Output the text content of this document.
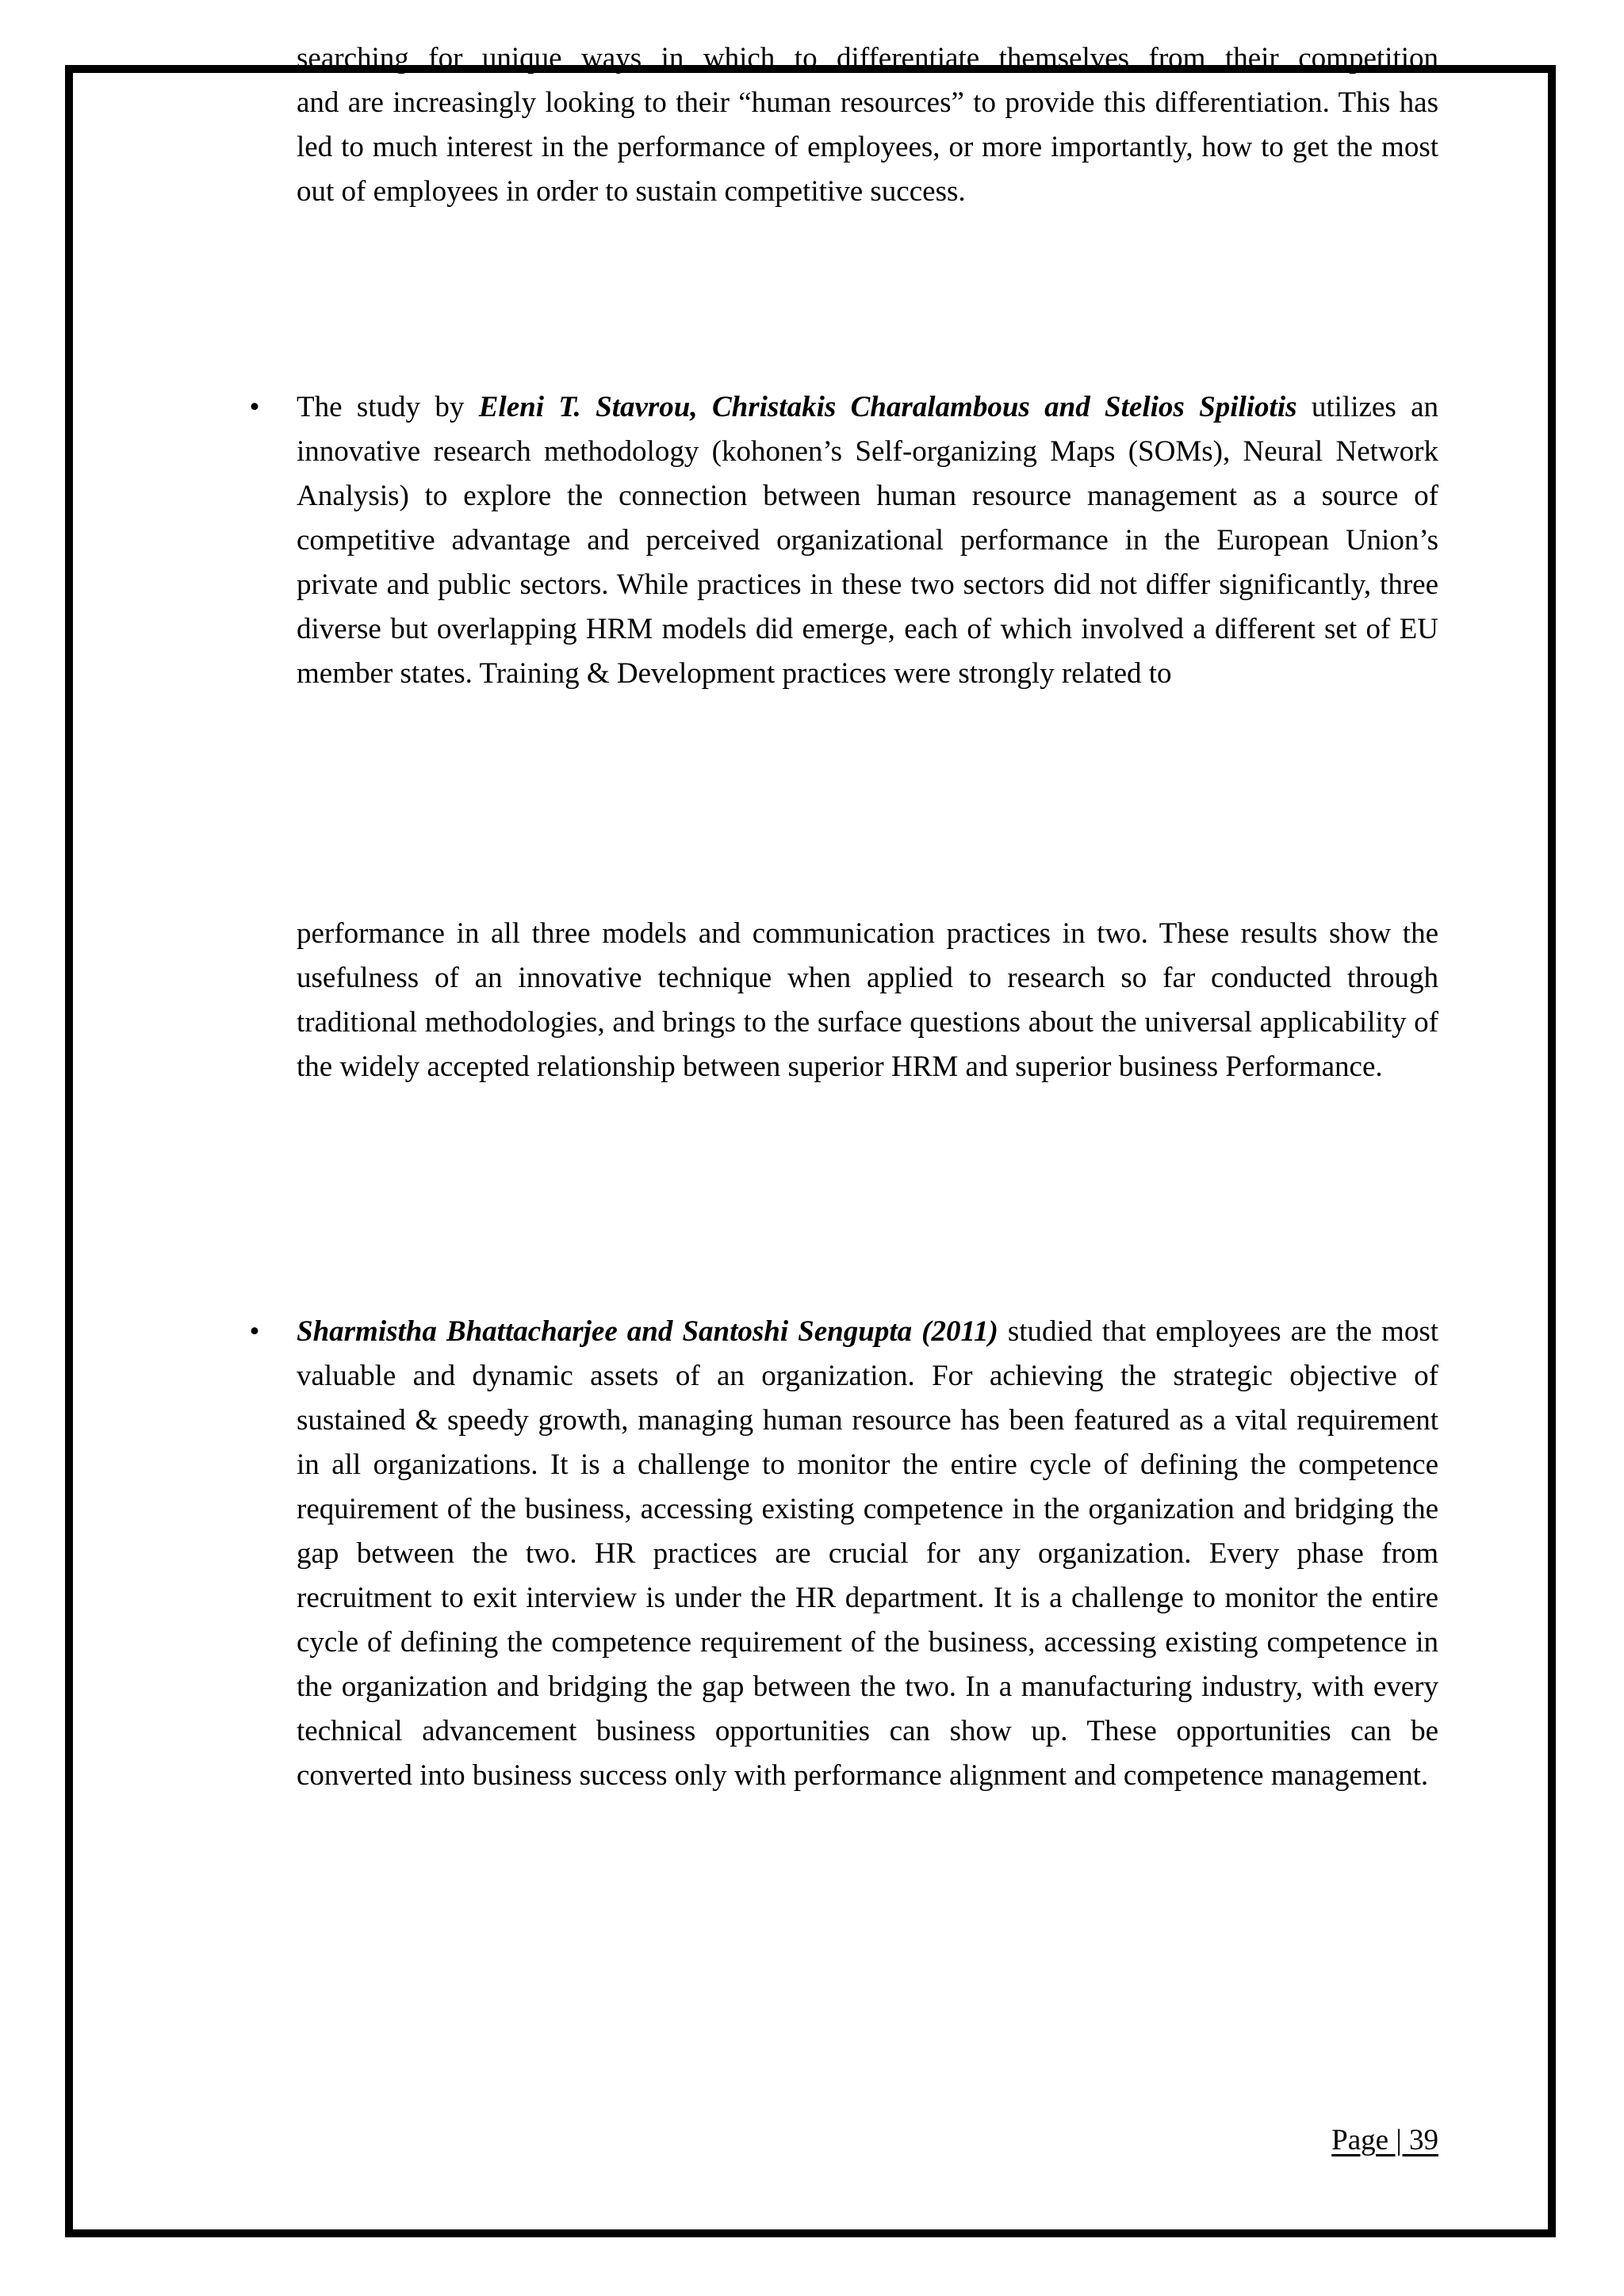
searching for unique ways in which to differentiate themselves from their competition
and are increasingly looking to their “human resources” to provide this differentiation. This has led to much interest in the performance of employees, or more importantly, how to get the most out of employees in order to sustain competitive success.
• The study by Eleni T. Stavrou, Christakis Charalambous and Stelios Spiliotis utilizes an innovative research methodology (kohonen’s Self-organizing Maps (SOMs), Neural Network Analysis) to explore the connection between human resource management as a source of competitive advantage and perceived organizational performance in the European Union’s private and public sectors. While practices in these two sectors did not differ significantly, three diverse but overlapping HRM models did emerge, each of which involved a different set of EU member states. Training & Development practices were strongly related to
performance in all three models and communication practices in two. These results show the usefulness of an innovative technique when applied to research so far conducted through traditional methodologies, and brings to the surface questions about the universal applicability of the widely accepted relationship between superior HRM and superior business Performance.
• Sharmistha Bhattacharjee and Santoshi Sengupta (2011) studied that employees are the most valuable and dynamic assets of an organization. For achieving the strategic objective of sustained & speedy growth, managing human resource has been featured as a vital requirement in all organizations. It is a challenge to monitor the entire cycle of defining the competence requirement of the business, accessing existing competence in the organization and bridging the gap between the two. HR practices are crucial for any organization. Every phase from recruitment to exit interview is under the HR department. It is a challenge to monitor the entire cycle of defining the competence requirement of the business, accessing existing competence in the organization and bridging the gap between the two. In a manufacturing industry, with every technical advancement business opportunities can show up. These opportunities can be converted into business success only with performance alignment and competence management.
Page | 39
